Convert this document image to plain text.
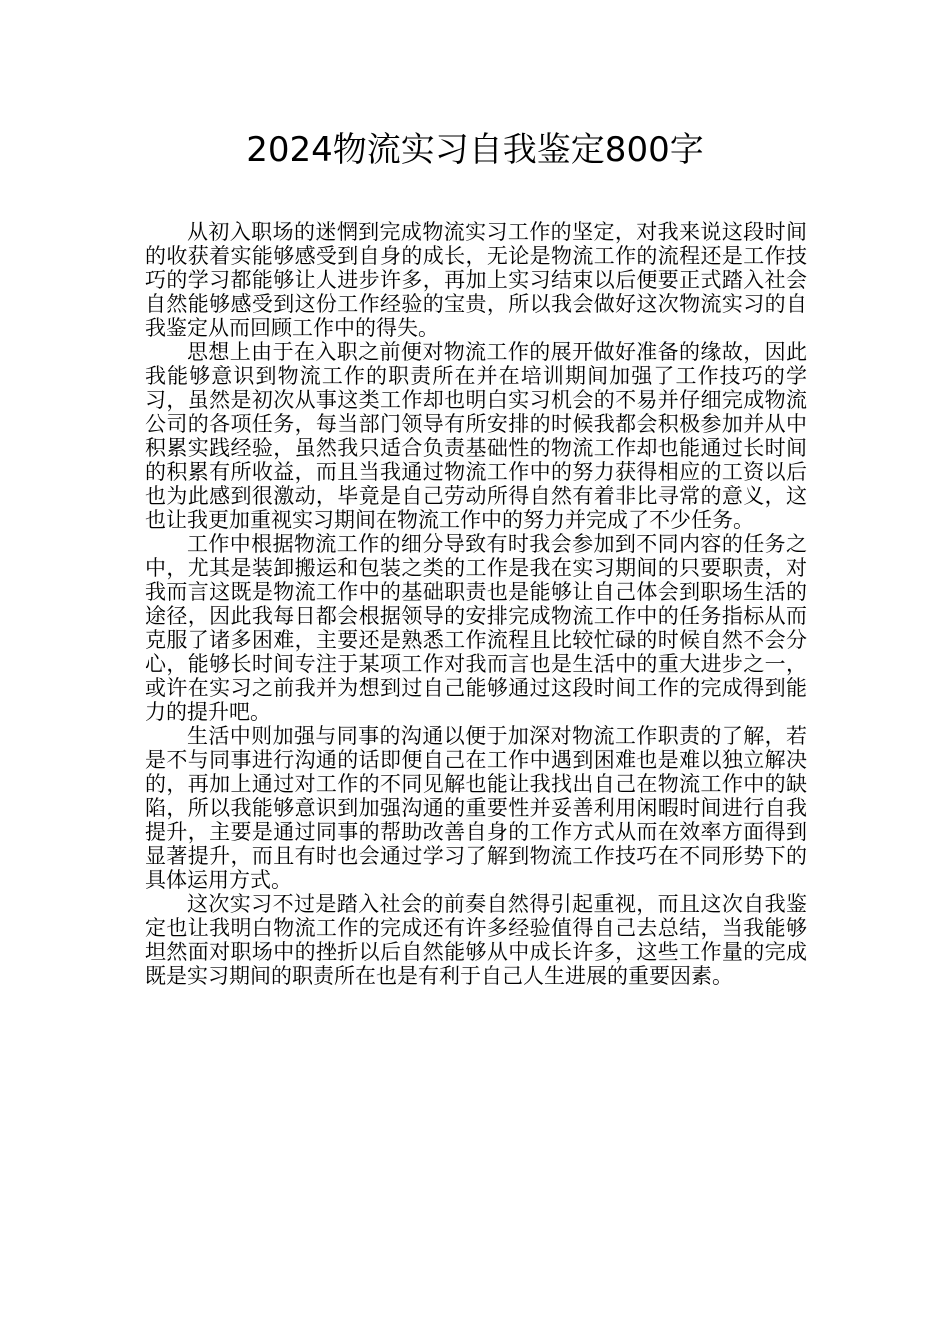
2024物流实习自我鉴定800字

从初入职场的迷惘到完成物流实习工作的坚定，对我来说这段时间的收获着实能够感受到自身的成长，无论是物流工作的流程还是工作技巧的学习都能够让人进步许多，再加上实习结束以后便要正式踏入社会自然能够感受到这份工作经验的宝贵，所以我会做好这次物流实习的自我鉴定从而回顾工作中的得失。

思想上由于在入职之前便对物流工作的展开做好准备的缘故，因此我能够意识到物流工作的职责所在并在培训期间加强了工作技巧的学习，虽然是初次从事这类工作却也明白实习机会的不易并仔细完成物流公司的各项任务，每当部门领导有所安排的时候我都会积极参加并从中积累实践经验，虽然我只适合负责基础性的物流工作却也能通过长时间的积累有所收益，而且当我通过物流工作中的努力获得相应的工资以后也为此感到很激动，毕竟是自己劳动所得自然有着非比寻常的意义，这也让我更加重视实习期间在物流工作中的努力并完成了不少任务。

工作中根据物流工作的细分导致有时我会参加到不同内容的任务之中，尤其是装卸搬运和包装之类的工作是我在实习期间的只要职责，对我而言这既是物流工作中的基础职责也是能够让自己体会到职场生活的途径，因此我每日都会根据领导的安排完成物流工作中的任务指标从而克服了诸多困难，主要还是熟悉工作流程且比较忙碌的时候自然不会分心，能够长时间专注于某项工作对我而言也是生活中的重大进步之一，或许在实习之前我并为想到过自己能够通过这段时间工作的完成得到能力的提升吧。

生活中则加强与同事的沟通以便于加深对物流工作职责的了解，若是不与同事进行沟通的话即便自己在工作中遇到困难也是难以独立解决的，再加上通过对工作的不同见解也能让我找出自己在物流工作中的缺陷，所以我能够意识到加强沟通的重要性并妥善利用闲暇时间进行自我提升，主要是通过同事的帮助改善自身的工作方式从而在效率方面得到显著提升，而且有时也会通过学习了解到物流工作技巧在不同形势下的具体运用方式。

这次实习不过是踏入社会的前奏自然得引起重视，而且这次自我鉴定也让我明白物流工作的完成还有许多经验值得自己去总结，当我能够坦然面对职场中的挫折以后自然能够从中成长许多，这些工作量的完成既是实习期间的职责所在也是有利于自己人生进展的重要因素。
